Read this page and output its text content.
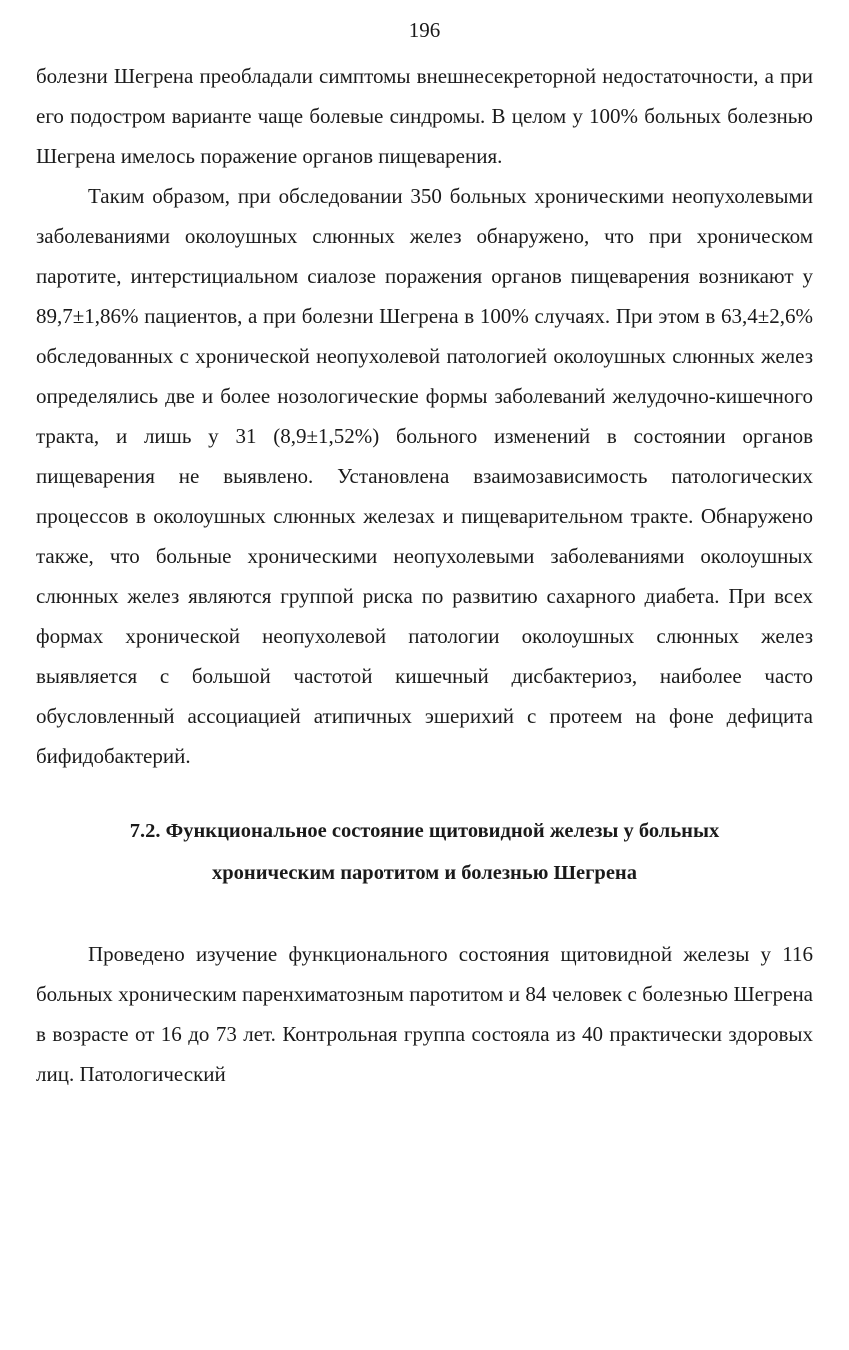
196

болезни Шегрена преобладали симптомы внешнесекреторной недостаточности, а при его подостром варианте чаще болевые синдромы. В целом у 100% больных болезнью Шегрена имелось поражение органов пищеварения.

Таким образом, при обследовании 350 больных хроническими неопухолевыми заболеваниями околоушных слюнных желез обнаружено, что при хроническом паротите, интерстициальном сиалозе поражения органов пищеварения возникают у 89,7±1,86% пациентов, а при болезни Шегрена в 100% случаях. При этом в 63,4±2,6% обследованных с хронической неопухолевой патологией околоушных слюнных желез определялись две и более нозологические формы заболеваний желудочно-кишечного тракта, и лишь у 31 (8,9±1,52%) больного изменений в состоянии органов пищеварения не выявлено. Установлена взаимозависимость патологических процессов в околоушных слюнных железах и пищеварительном тракте. Обнаружено также, что больные хроническими неопухолевыми заболеваниями околоушных слюнных желез являются группой риска по развитию сахарного диабета. При всех формах хронической неопухолевой патологии околоушных слюнных желез выявляется с большой частотой кишечный дисбактериоз, наиболее часто обусловленный ассоциацией атипичных эшерихий с протеем на фоне дефицита бифидобактерий.

7.2. Функциональное состояние щитовидной железы у больных
хроническим паротитом и болезнью Шегрена

Проведено изучение функционального состояния щитовидной железы у 116 больных хроническим паренхиматозным паротитом и 84 человек с болезнью Шегрена в возрасте от 16 до 73 лет. Контрольная группа состояла из 40 практически здоровых лиц. Патологический
